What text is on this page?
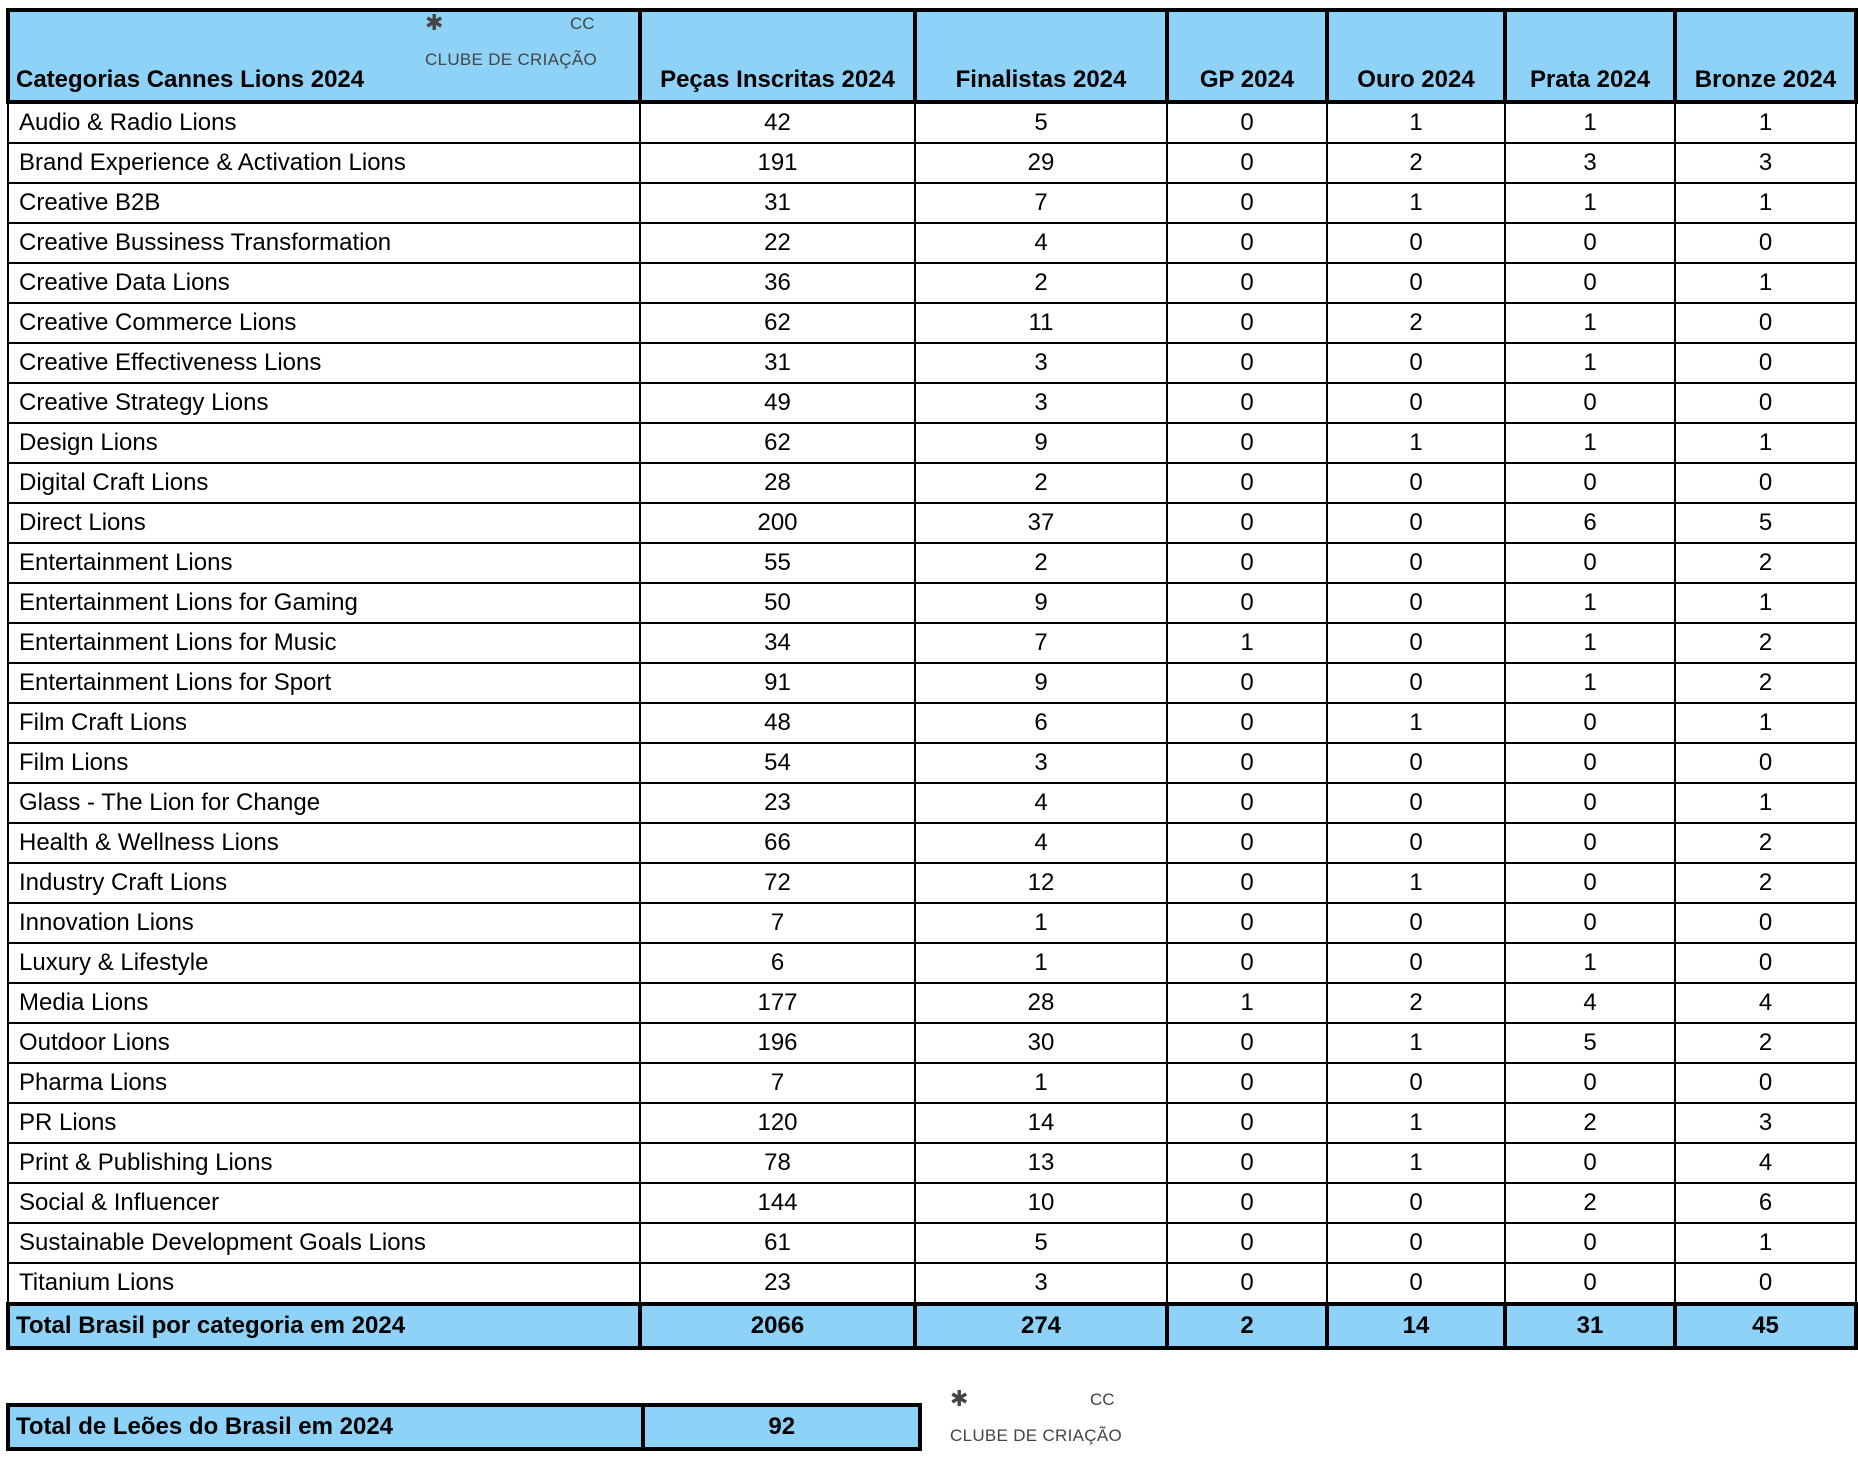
Categorias Cannes Lions 2024	Peças Inscritas 2024	Finalistas 2024	GP 2024	Ouro 2024	Prata 2024	Bronze 2024
Audio & Radio Lions	42	5	0	1	1	1
Brand Experience & Activation Lions	191	29	0	2	3	3
Creative B2B	31	7	0	1	1	1
Creative Bussiness Transformation	22	4	0	0	0	0
Creative Data Lions	36	2	0	0	0	1
Creative Commerce Lions	62	11	0	2	1	0
Creative Effectiveness Lions	31	3	0	0	1	0
Creative Strategy Lions	49	3	0	0	0	0
Design Lions	62	9	0	1	1	1
Digital Craft Lions	28	2	0	0	0	0
Direct Lions	200	37	0	0	6	5
Entertainment Lions	55	2	0	0	0	2
Entertainment Lions for Gaming	50	9	0	0	1	1
Entertainment Lions for Music	34	7	1	0	1	2
Entertainment Lions for Sport	91	9	0	0	1	2
Film Craft Lions	48	6	0	1	0	1
Film Lions	54	3	0	0	0	0
Glass - The Lion for Change	23	4	0	0	0	1
Health & Wellness Lions	66	4	0	0	0	2
Industry Craft Lions	72	12	0	1	0	2
Innovation Lions	7	1	0	0	0	0
Luxury & Lifestyle	6	1	0	0	1	0
Media Lions	177	28	1	2	4	4
Outdoor Lions	196	30	0	1	5	2
Pharma Lions	7	1	0	0	0	0
PR Lions	120	14	0	1	2	3
Print & Publishing Lions	78	13	0	1	0	4
Social & Influencer	144	10	0	0	2	6
Sustainable Development Goals Lions	61	5	0	0	0	1
Titanium Lions	23	3	0	0	0	0
Total Brasil por categoria em 2024	2066	274	2	14	31	45
✱	CC
CLUBE DE CRIAÇÃO
Total de Leões do Brasil em 2024	92
✱	CC
CLUBE DE CRIAÇÃO
